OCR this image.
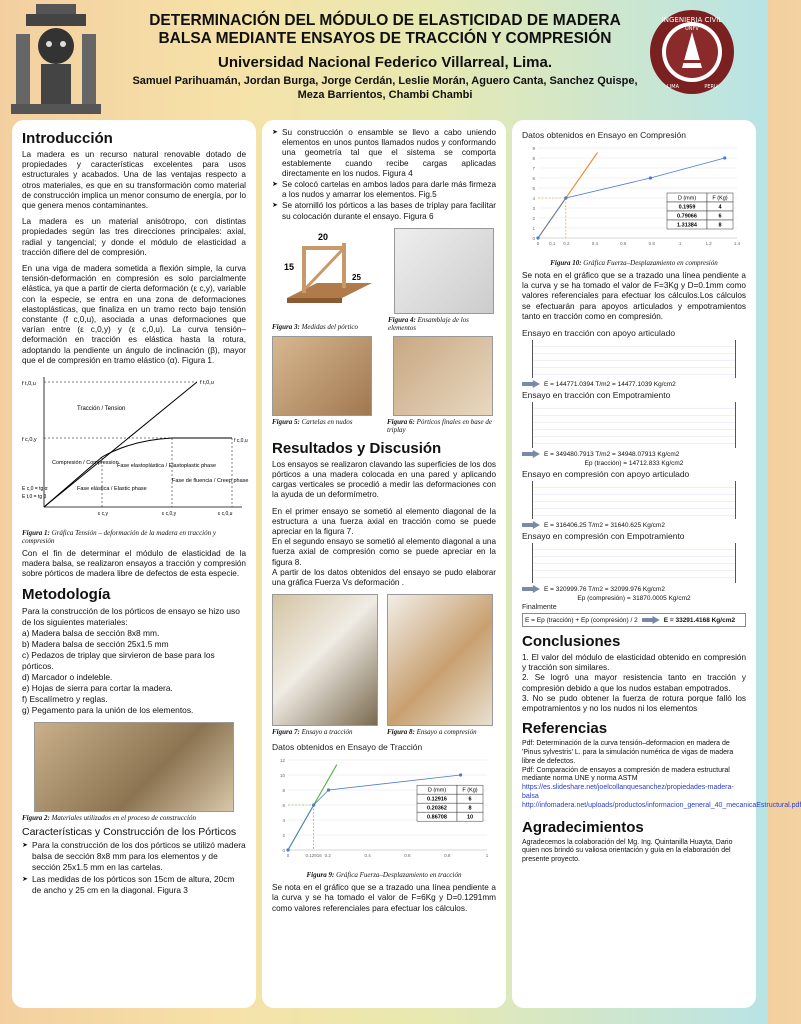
DETERMINACIÓN DEL MÓDULO DE ELASTICIDAD DE MADERA
BALSA MEDIANTE ENSAYOS DE TRACCIÓN Y COMPRESIÓN
Universidad Nacional Federico Villarreal, Lima.
Samuel Parihuamán, Jordan Burga, Jorge Cerdán, Leslie Morán, Aguero Canta, Sanchez Quispe, Meza Barrientos, Chambi Chambi
INGENIERIA CIVIL
UNFV
LIMA	PERU
Introducción

La madera es un recurso natural renovable dotado de propiedades y características excelentes para usos estructurales y acabados. Una de las ventajas respecto a otros materiales, es que en su transformación como material de construcción implica un menor consumo de energía, por lo que genera menos contaminantes.

La madera es un material anisótropo, con distintas propiedades según las tres direcciones principales: axial, radial y tangencial; y donde el módulo de elasticidad a tracción difiere del de compresión.

En una viga de madera sometida a flexión simple, la curva tensión-deformación en compresión es solo parcialmente elástica, ya que a partir de cierta deformación (ε c,y), variable con la especie, se entra en una zona de deformaciones elastoplásticas, que finaliza en un tramo recto bajo tensión constante (f c,0,u), asociada a unas deformaciones que varían entre (ε c,0,y) y (ε c,0,u). La curva tensión–deformación en tracción es elástica hasta la rotura, adoptando la pendiente un ángulo de inclinación (β), mayor que el de compresión en tramo elástico (α). Figura 1.

f t,0,u	f t,0,u
f c,0,y	f c,0,u
Tracción / Tension
Compresión / Compression
Fase elastoplástica / Elastoplastic phase
Fase elástica / Elastic phase
Fase de fluencia / Creep phase
ε c,y	ε c,0,y	ε c,0,u
E c,0 = tg α
E t,0 = tg β
Figura 1: Gráfica Tensión – deformación de la madera en tracción y compresión

Con el fin de determinar el módulo de elasticidad de la madera balsa, se realizaron ensayos a tracción y compresión sobre pórticos de madera libre de defectos de esta especie.

Metodología

Para la construcción de los pórticos de ensayo se hizo uso de los siguientes materiales:

a) Madera balsa de sección 8x8 mm.
b) Madera balsa de sección 25x1.5 mm
c) Pedazos de triplay que sirvieron de base para los pórticos.
d) Marcador o indeleble.
e) Hojas de sierra para cortar la madera.
f) Escalímetro y reglas.
g) Pegamento para la unión de los elementos.
Figura 2: Materiales utilizados en el proceso de construcción
Características y Construcción de los Pórticos
➤ Para la construcción de los dos pórticos se utilizó madera balsa de sección 8x8 mm para los elementos y de sección 25x1.5 mm en las cartelas.
➤ Las medidas de los pórticos son 15cm de altura, 20cm de ancho y 25 cm en la diagonal. Figura 3
➤ Su construcción o ensamble se llevo a cabo uniendo elementos en unos puntos llamados nudos y conformando una geometría tal que el sistema se comporta establemente cuando recibe cargas aplicadas directamente en los nudos. Figura 4
➤ Se colocó cartelas en ambos lados para darle más firmeza a los nudos y amarrar los elementos. Fig.5
➤ Se atornilló los pórticos a las bases de triplay para facilitar su colocación durante el ensayo. Figura 6
15
20
25
Figura 3: Medidas del pórtico
Figura 4: Ensamblaje de los elementos
Figura 5: Cartelas en nudos	Figura 6: Pórticos finales en base de triplay
Resultados y Discusión

Los ensayos se realizaron clavando las superficies de los dos pórticos a una madera colocada en una pared y aplicando cargas verticales se procedió a medir las deformaciones con la ayuda de un deformímetro.

En el primer ensayo se sometió al elemento diagonal de la estructura a una fuerza axial en tracción como se puede apreciar en la figura 7.

En el segundo ensayo se sometió al elemento diagonal a una fuerza axial de compresión como se puede apreciar en la figura 8.

A partir de los datos obtenidos del ensayo se pudo elaborar una gráfica Fuerza Vs deformación .

Figura 7: Ensayo a tracción	Figura 8: Ensayo a compresión
Datos obtenidos en Ensayo de Tracción
0
2
4
6
8
10
12
0	0.12916 0.2	0.4	0.6	0.8	1
D (mm)	F (Kg)
0.12916	6
0.20362	8
0.86708	10
Figura 9: Gráfica Fuerza–Desplazamiento en tracción

Se nota en el gráfico que se a trazado una línea pendiente a la curva y se ha tomado el valor de F=6Kg y D=0.1291mm como valores referenciales para efectuar los cálculos.

Datos obtenidos en Ensayo en Compresión
0
1
2
3
4
5
6
7
8
9
0 0.1 0.2	0.4	0.6	0.8	1	1.2	1.4
D (mm)	F (Kg)
0.1959	4
0.79066	6
1.31384	8
Figura 10: Gráfica Fuerza–Desplazamiento en compresión

Se nota en el gráfico que se a trazado una línea pendiente a la curva y se ha tomado el valor de F=3Kg y D=0.1mm como valores referenciales para efectuar los cálculos.Los cálculos se efectuarán para apoyos articulados y empotramientos tanto en tracción como en compresión.

Ensayo en tracción con apoyo articulado
E = 144771.0394 T/m2 = 14477.1039 Kg/cm2
Ensayo en tracción con Empotramiento
E = 349480.7913 T/m2 = 34948.07913 Kg/cm2
Ep (tracción) = 14712.833 Kg/cm2
Ensayo en compresión con apoyo articulado
E = 316406.25 T/m2 = 31640.625 Kg/cm2
Ensayo en compresión con Empotramiento
E = 320999.76 T/m2 = 32099.976 Kg/cm2
Ep (compresión) = 31870.0005 Kg/cm2
Finalmente
E = Ep (tracción) + Ep (compresión) / 2	E = 33291.4168 Kg/cm2
Conclusiones

1. El valor del módulo de elasticidad obtenido en compresión y tracción son similares.

2. Se logró una mayor resistencia tanto en tracción y compresión debido a que los nudos estaban empotrados.

3. No se pudo obtener la fuerza de rotura porque falló los empotramientos y no los nudos ni los elementos

Referencias
Pdf: Determinación de la curva tensión–deformacion en madera de 'Pinus sylvestris' L. para la simulación numérica de vigas de madera libre de defectos.
Pdf: Comparación de ensayos a compresión de madera estructural mediante norma UNE y norma ASTM
https://es.slideshare.net/joelcollanquesanchez/propiedades-madera-balsa
http://infomadera.net/uploads/productos/informacion_general_40_mecanicaEstructural.pdf
Agradecimientos
Agradecemos la colaboración del Mg. Ing. Quintanilla Huayta, Dario quien nos brindó su valiosa orientación y guía en la elaboración del presente proyecto.
